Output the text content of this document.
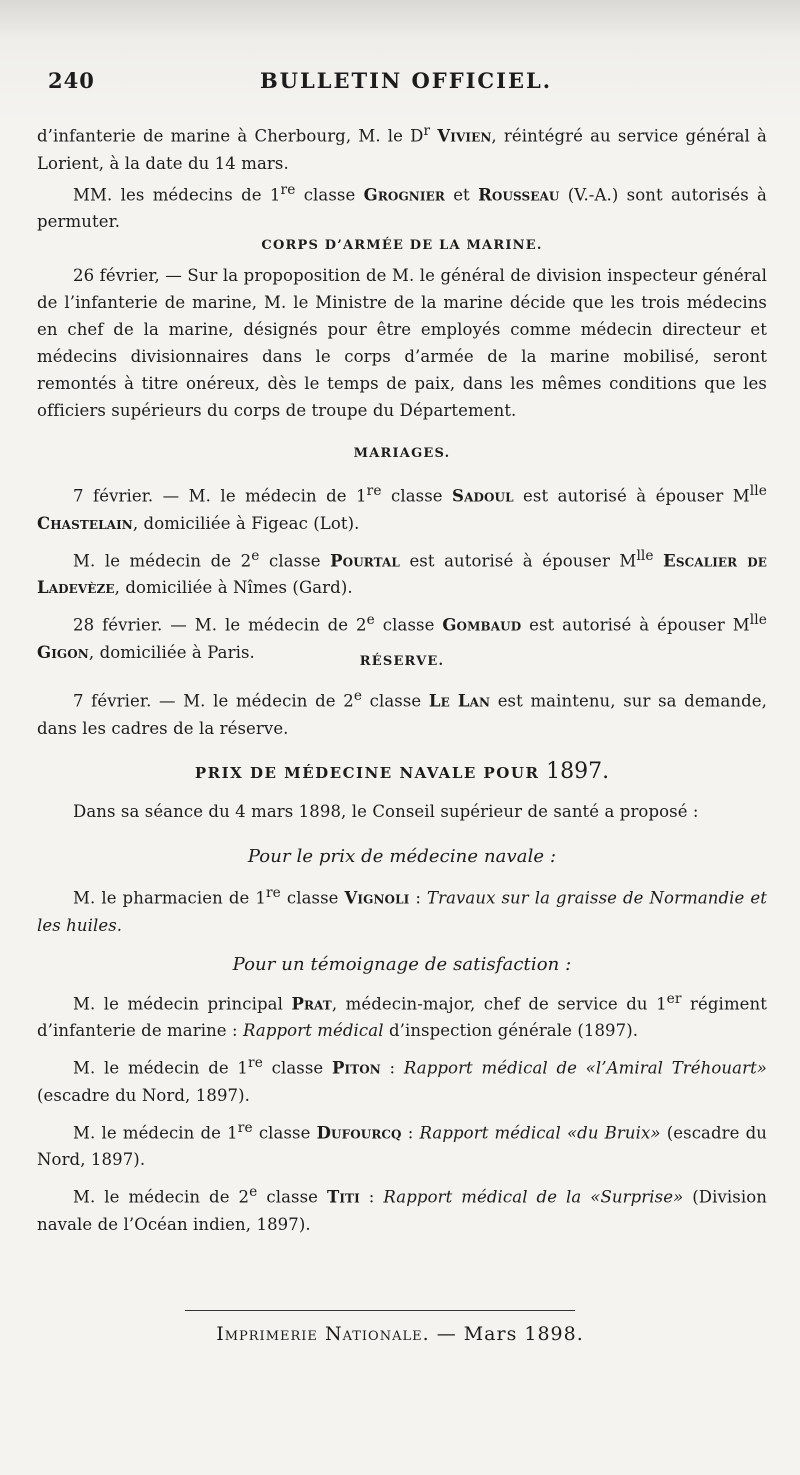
240	BULLETIN OFFICIEL.

d’infanterie de marine à Cherbourg, M. le $D^r$ Vivien, réintégré au service général à Lorient, à la date du 14 mars.

MM. les médecins de 1re classe Grognier et Rousseau (V.-A.) sont autorisés à permuter.

CORPS D’ARMÉE DE LA MARINE.

26 février, — Sur la propoposition de M. le général de division inspecteur général de l’infanterie de marine, M. le Ministre de la marine décide que les trois médecins en chef de la marine, désignés pour être employés comme médecin directeur et médecins divisionnaires dans le corps d’armée de la marine mobilisé, seront remontés à titre onéreux, dès le temps de paix, dans les mêmes conditions que les officiers supérieurs du corps de troupe du Département.

MARIAGES.

7 février. — M. le médecin de 1re classe Sadoul est autorisé à épouser $M^{lle}$ Chastelain, domiciliée à Figeac (Lot).

M. le médecin de 2e classe Pourtal est autorisé à épouser $M^{lle}$ Escalier de Ladevèze, domiciliée à Nîmes (Gard).

28 février. — M. le médecin de 2e classe Gombaud est autorisé à épouser $M^{lle}$ Gigon, domiciliée à Paris.	RÉSERVE.

7 février. — M. le médecin de 2e classe Le Lan est maintenu, sur sa demande, dans les cadres de la réserve.

PRIX DE MÉDECINE NAVALE POUR 1897.

Dans sa séance du 4 mars 1898, le Conseil supérieur de santé a proposé :

Pour le prix de médecine navale :

M. le pharmacien de 1re classe Vignoli : Travaux sur la graisse de Normandie et les huiles.

Pour un témoignage de satisfaction :

M. le médecin principal Prat, médecin-major, chef de service du 1er régiment d’infanterie de marine : Rapport médical d’inspection générale (1897).

M. le médecin de 1re classe Piton : Rapport médical de «l’Amiral Tréhouart» (escadre du Nord, 1897).

M. le médecin de 1re classe Dufourcq : Rapport médical «du Bruix» (escadre du Nord, 1897).

M. le médecin de 2e classe Titi : Rapport médical de la «Surprise» (Division navale de l’Océan indien, 1897).

Imprimerie Nationale. — Mars 1898.
